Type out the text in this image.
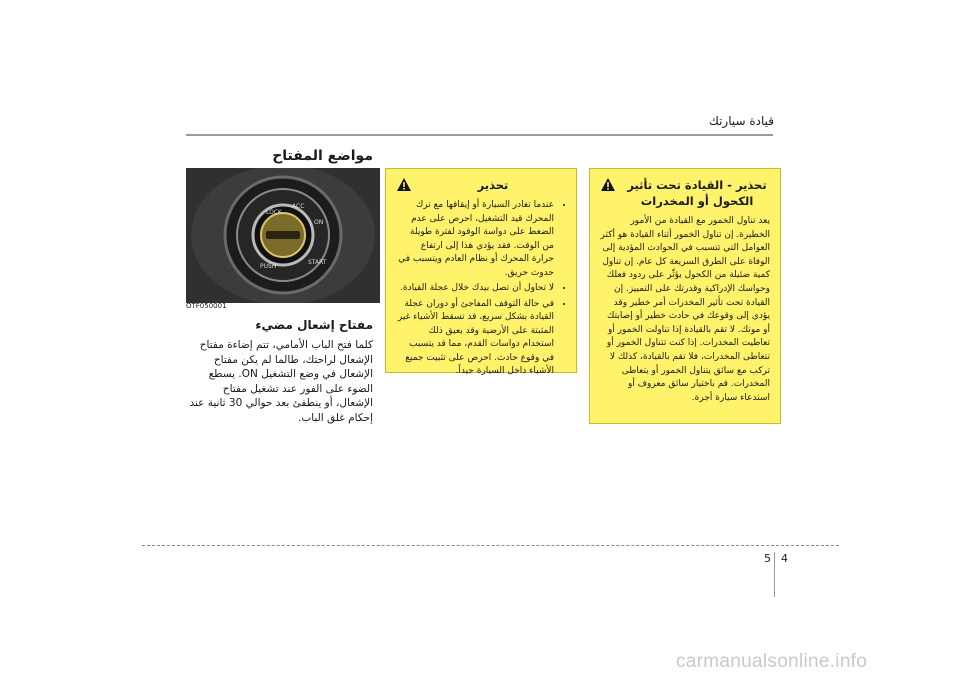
قيادة سيارتك
مواضع المفتاح
LOCK
ACC
ON
START
PUSH
OTF050001
مفتاح إشعال مضيء
كلما فتح الباب الأمامي، تتم إضاءة مفتاح الإشعال لراحتك، طالما لم يكن مفتاح الإشعال في وضع التشغيل ON. يسطع الضوء على الفور عند تشغيل مفتاح الإشعال، أو ينطفئ بعد حوالي 30 ثانية عند إحكام غلق الباب.
تحذير
• عندما تغادر السيارة أو إيقافها مع ترك المحرك قيد التشغيل، احرص على عدم الضغط على دواسة الوقود لفترة طويلة من الوقت. فقد يؤدي هذا إلى ارتفاع حرارة المحرك أو نظام العادم ويتسبب في حدوث حريق.
• لا تحاول أن تصل بيدك خلال عجلة القيادة.
• في حالة التوقف المفاجئ أو دوران عجلة القيادة بشكل سريع، قد تسقط الأشياء غير المثبتة على الأرضية وقد يعيق ذلك استخدام دواسات القدم، مما قد يتسبب في وقوع حادث. احرص على تثبيت جميع الأشياء داخل السيارة جيداً.
تحذير - القيادة تحت تأثير الكحول أو المخدرات

يعد تناول الخمور مع القيادة من الأمور الخطيرة. إن تناول الخمور أثناء القيادة هو أكثر العوامل التي تتسبب في الحوادث المؤدية إلى الوفاة على الطرق السريعة كل عام. إن تناول كمية ضئيلة من الكحول يؤثّر على ردود فعلك وحواسك الإدراكية وقدرتك على التمييز. إن القيادة تحت تأثير المخدرات أمر خطير وقد يؤدي إلى وقوعك في حادث خطير أو إصابتك أو موتك. لا تقم بالقيادة إذا تناولت الخمور أو تعاطيت المخدرات. إذا كنت تتناول الخمور أو تتعاطى المخدرات، فلا تقم بالقيادة، كذلك لا تركب مع سائق يتناول الخمور أو يتعاطى المخدرات. قم باختيار سائق معروف أو استدعاء سيارة أجرة.

5 4
carmanualsonline.info
